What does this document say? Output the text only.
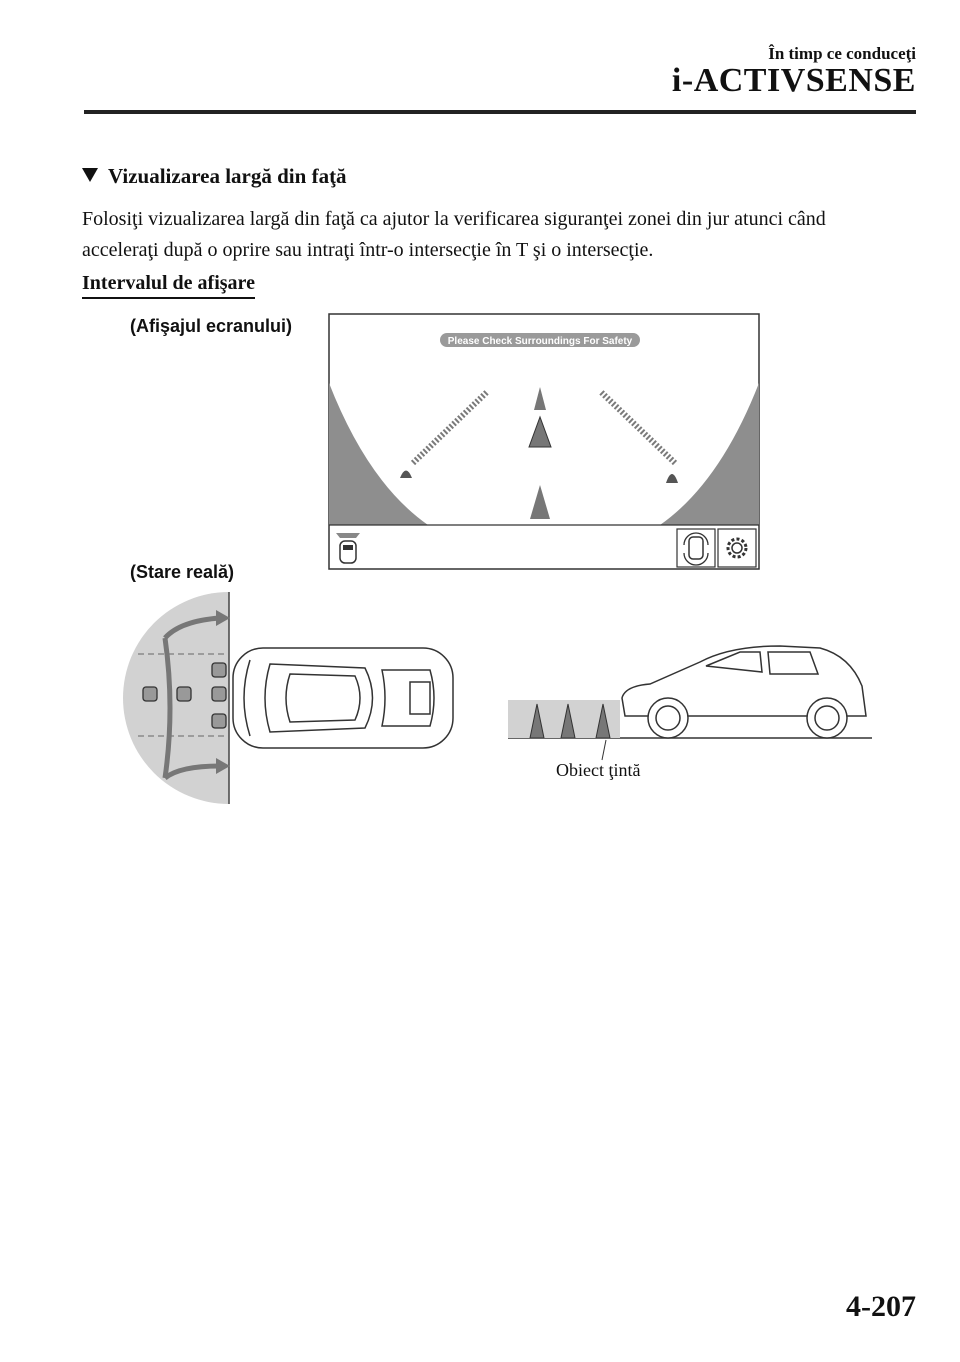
În timp ce conduceţi
i-ACTIVSENSE
Vizualizarea largă din faţă
Folosiţi vizualizarea largă din faţă ca ajutor la verificarea siguranţei zonei din jur atunci când acceleraţi după o oprire sau intraţi într-o intersecţie în T şi o intersecţie.
Intervalul de afişare
(Afişajul ecranului)
Please Check Surroundings For Safety
(Stare reală)
Obiect ţintă
4-207
